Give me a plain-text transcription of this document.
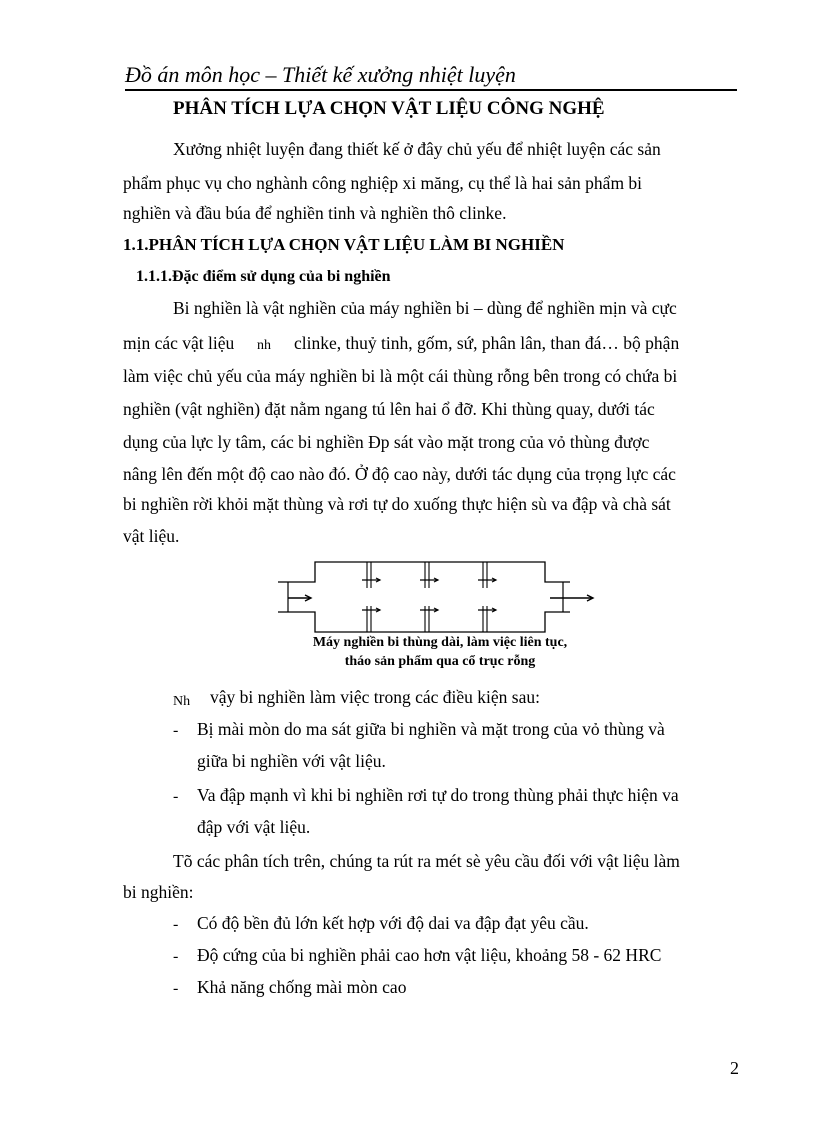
Đồ án môn học – Thiết kế xưởng nhiệt luyện
PHÂN TÍCH LỰA CHỌN VẬT LIỆU CÔNG NGHỆ
Xưởng nhiệt luyện đang thiết kế ở đây chủ yếu để nhiệt luyện các sản
phẩm phục vụ cho nghành công nghiệp xi măng, cụ thể là hai sản phẩm bi
nghiền và đầu búa để nghiền tinh và nghiền thô clinke.
1.1.PHÂN TÍCH LỰA CHỌN VẬT LIỆU LÀM BI NGHIỀN
1.1.1.Đặc điểm sử dụng của bi nghiền
Bi nghiền là vật nghiền của máy nghiền bi – dùng để nghiền mịn và cực
mịn các vật liệu nh clinke, thuỷ tinh, gốm, sứ, phân lân, than đá… bộ phận
làm việc chủ yếu của máy nghiền bi là một cái thùng rỗng bên trong có chứa bi
nghiền (vật nghiền) đặt nằm ngang tú lên hai ổ đỡ. Khi thùng quay, dưới tác
dụng của lực ly tâm, các bi nghiền Đp sát vào mặt trong của vỏ thùng được
nâng lên đến một độ cao nào đó. Ở độ cao này, dưới tác dụng của trọng lực các
bi nghiền rời khỏi mặt thùng và rơi tự do xuống thực hiện sù va đập và chà sát
vật liệu.
Máy nghiền bi thùng dài, làm việc liên tục,
tháo sản phẩm qua cổ trục rỗng
Nh vậy bi nghiền làm việc trong các điều kiện sau:
- Bị mài mòn do ma sát giữa bi nghiền và mặt trong của vỏ thùng và
giữa bi nghiền với vật liệu.
- Va đập mạnh vì khi bi nghiền rơi tự do trong thùng phải thực hiện va
đập với vật liệu.
Tõ các phân tích trên, chúng ta rút ra mét sè yêu cầu đối với vật liệu làm
bi nghiền:
- Có độ bền đủ lớn kết hợp với độ dai va đập đạt yêu cầu.
- Độ cứng của bi nghiền phải cao hơn vật liệu, khoảng 58 - 62 HRC
- Khả năng chống mài mòn cao
2
